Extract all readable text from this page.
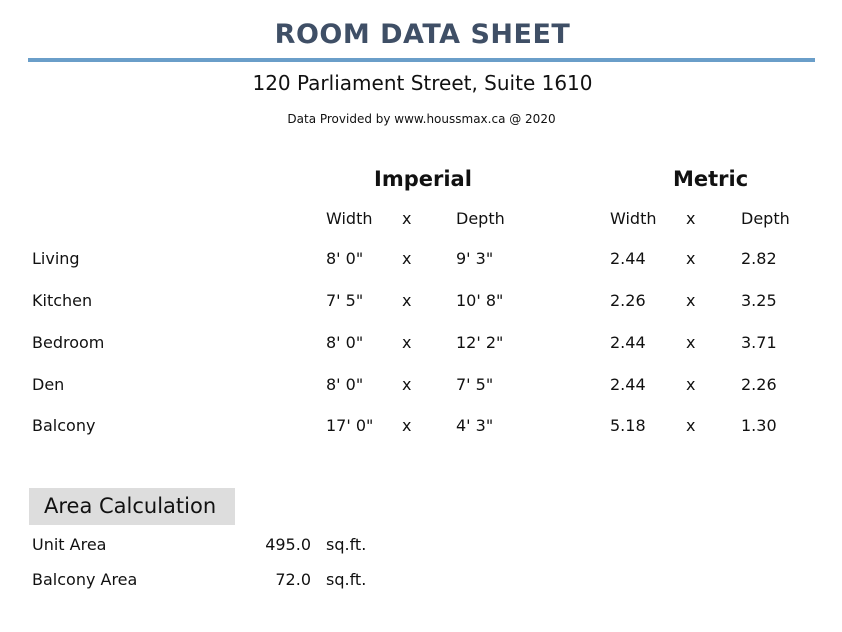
ROOM DATA SHEET
120 Parliament Street, Suite 1610
Data Provided by www.houssmax.ca @ 2020
Imperial	Metric
Width x	Depth	Width x	Depth
Living	8' 0" x	9' 3"	2.44	x	2.82
Kitchen	7' 5" x	10' 8"	2.26	x	3.25
Bedroom	8' 0" x	12' 2"	2.44	x	3.71
Den	8' 0" x	7' 5"	2.44	x	2.26
Balcony	17' 0" x	4' 3"	5.18	x	1.30
Area Calculation
Unit Area	495.0 sq.ft.
Balcony Area	72.0 sq.ft.
